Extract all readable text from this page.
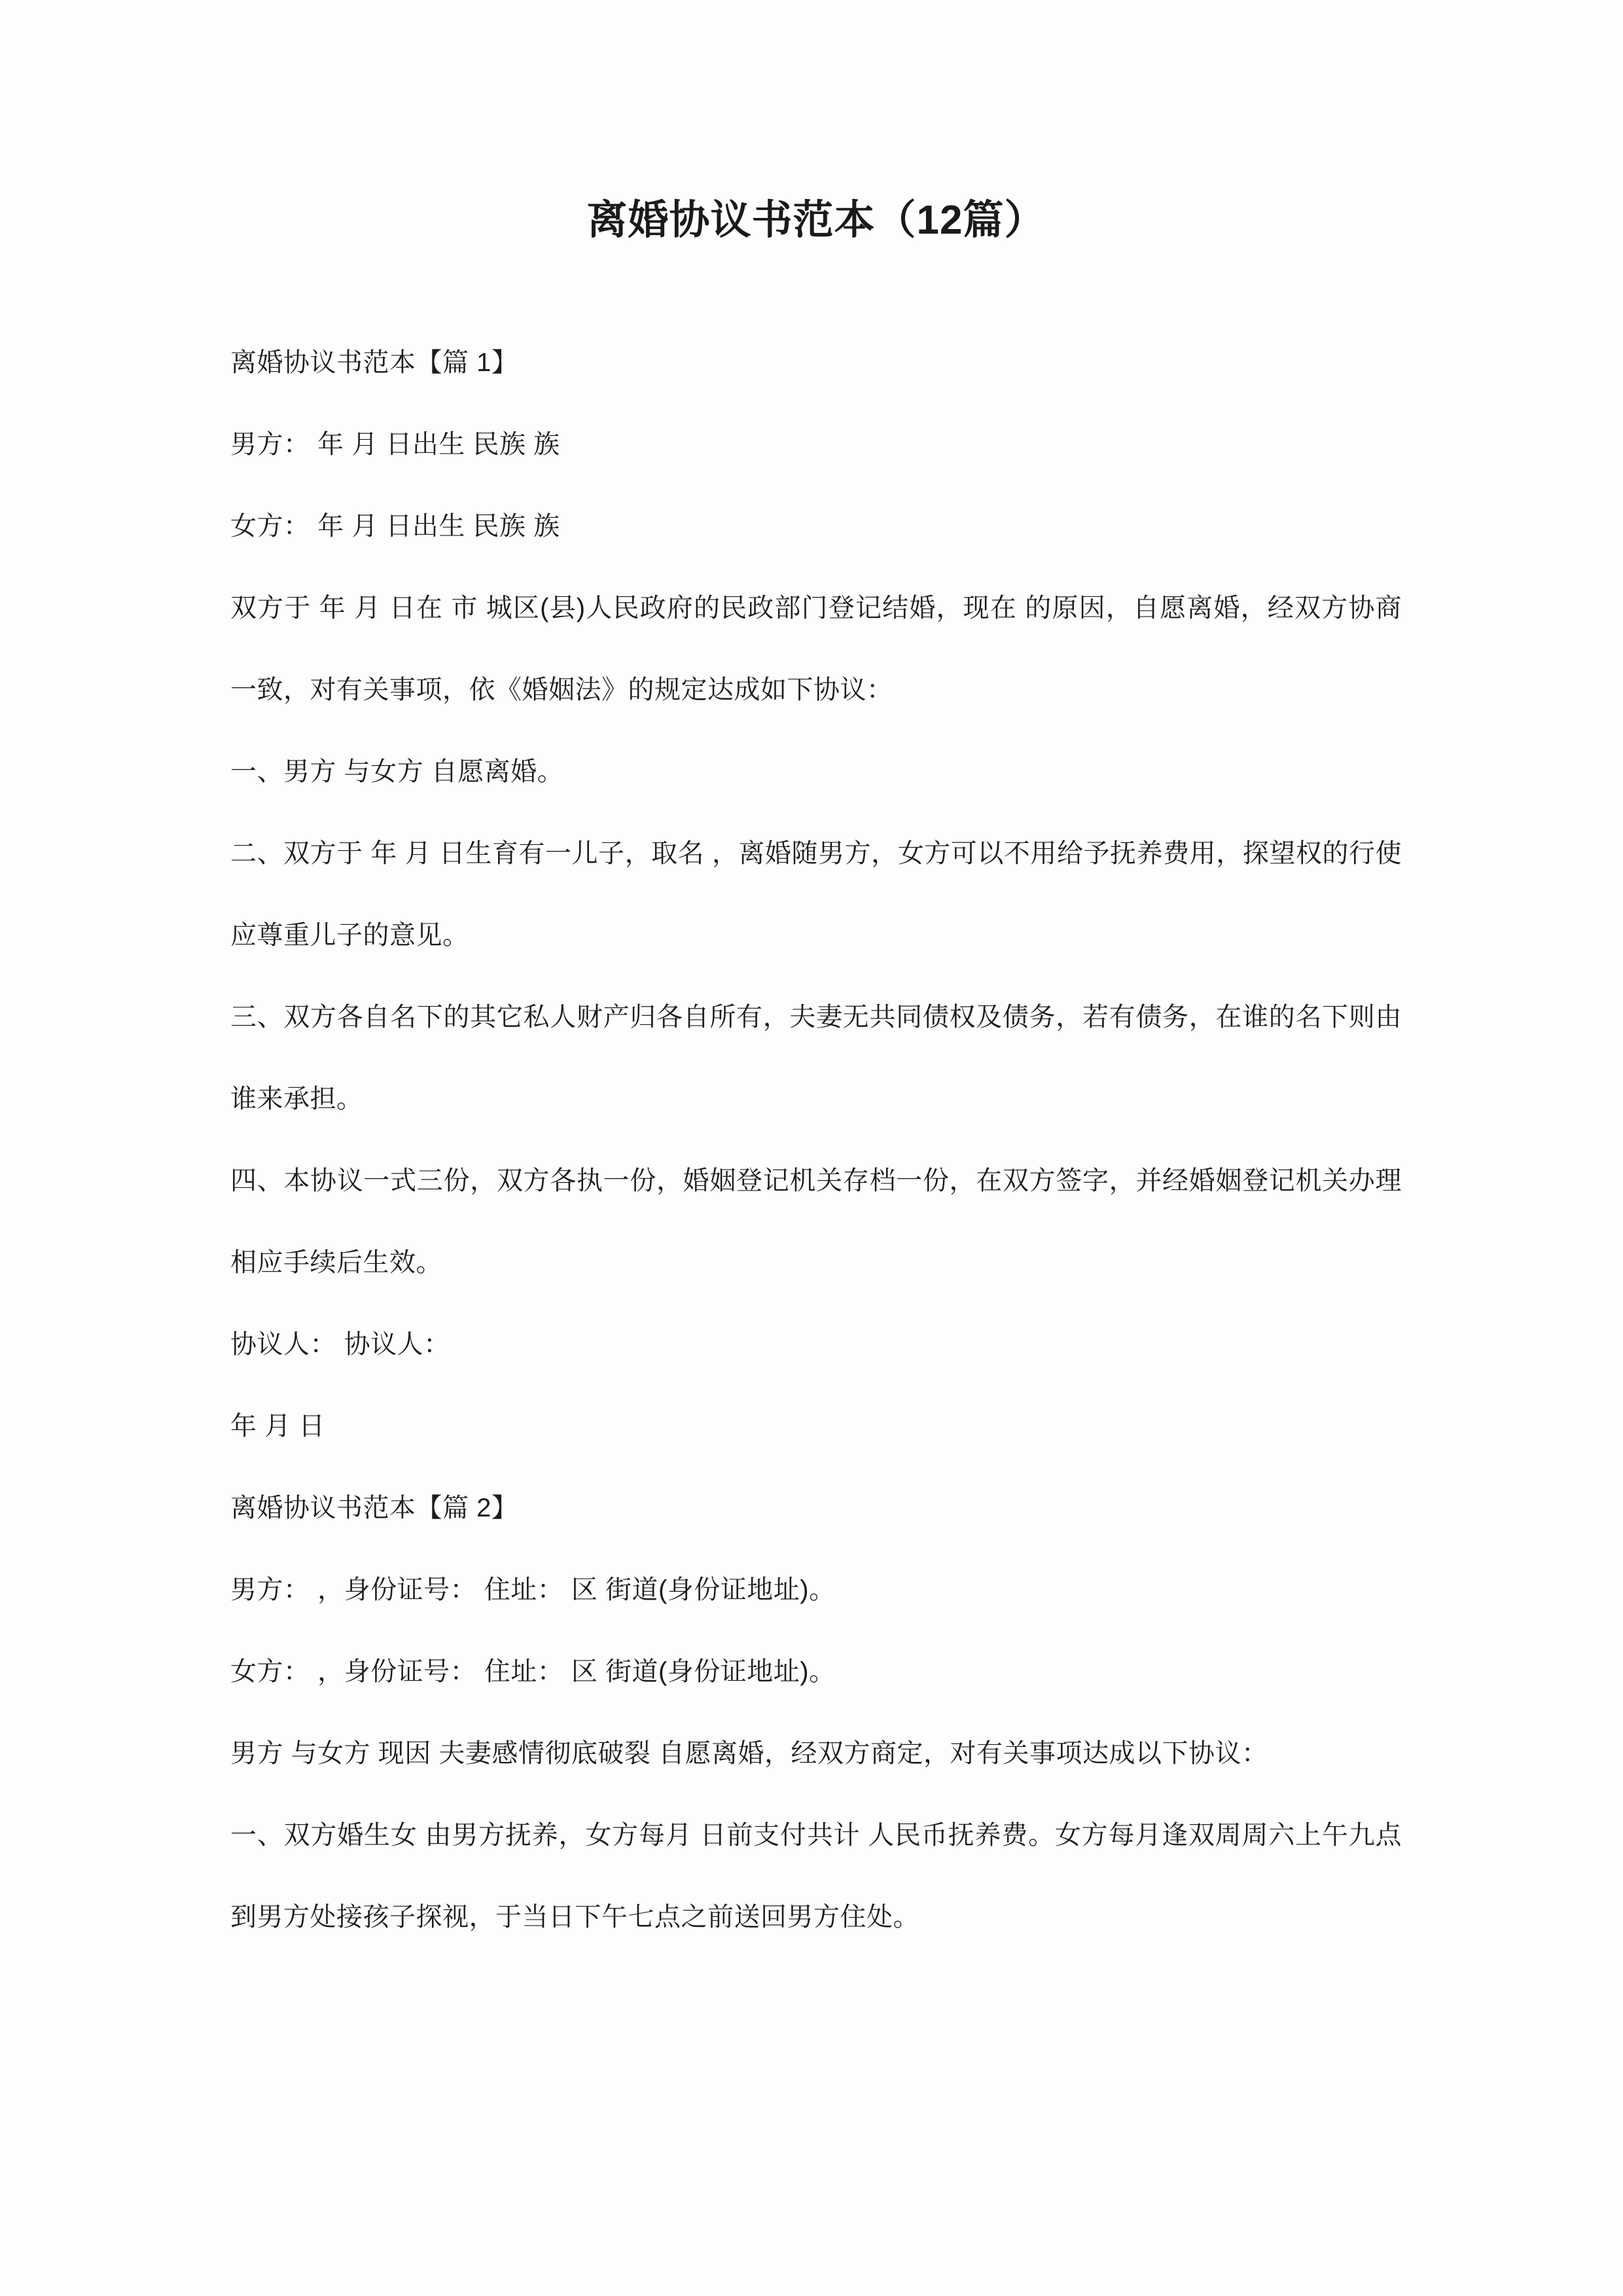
离婚协议书范本（12篇）

离婚协议书范本【篇 1】

男方： 年 月 日出生 民族 族

女方： 年 月 日出生 民族 族

双方于 年 月 日在 市 城区(县)人民政府的民政部门登记结婚，现在 的原因，自愿离婚，经双方协商一致，对有关事项，依《婚姻法》的规定达成如下协议：

一、男方 与女方 自愿离婚。

二、双方于 年 月 日生育有一儿子，取名 ，离婚随男方，女方可以不用给予抚养费用，探望权的行使应尊重儿子的意见。

三、双方各自名下的其它私人财产归各自所有，夫妻无共同债权及债务，若有债务，在谁的名下则由谁来承担。

四、本协议一式三份，双方各执一份，婚姻登记机关存档一份，在双方签字，并经婚姻登记机关办理相应手续后生效。

协议人： 协议人：

年 月 日

离婚协议书范本【篇 2】

男方： ，身份证号： 住址： 区 街道(身份证地址)。

女方： ，身份证号： 住址： 区 街道(身份证地址)。

男方 与女方 现因 夫妻感情彻底破裂 自愿离婚，经双方商定，对有关事项达成以下协议：

一、双方婚生女 由男方抚养，女方每月 日前支付共计 人民币抚养费。女方每月逢双周周六上午九点到男方处接孩子探视，于当日下午七点之前送回男方住处。
